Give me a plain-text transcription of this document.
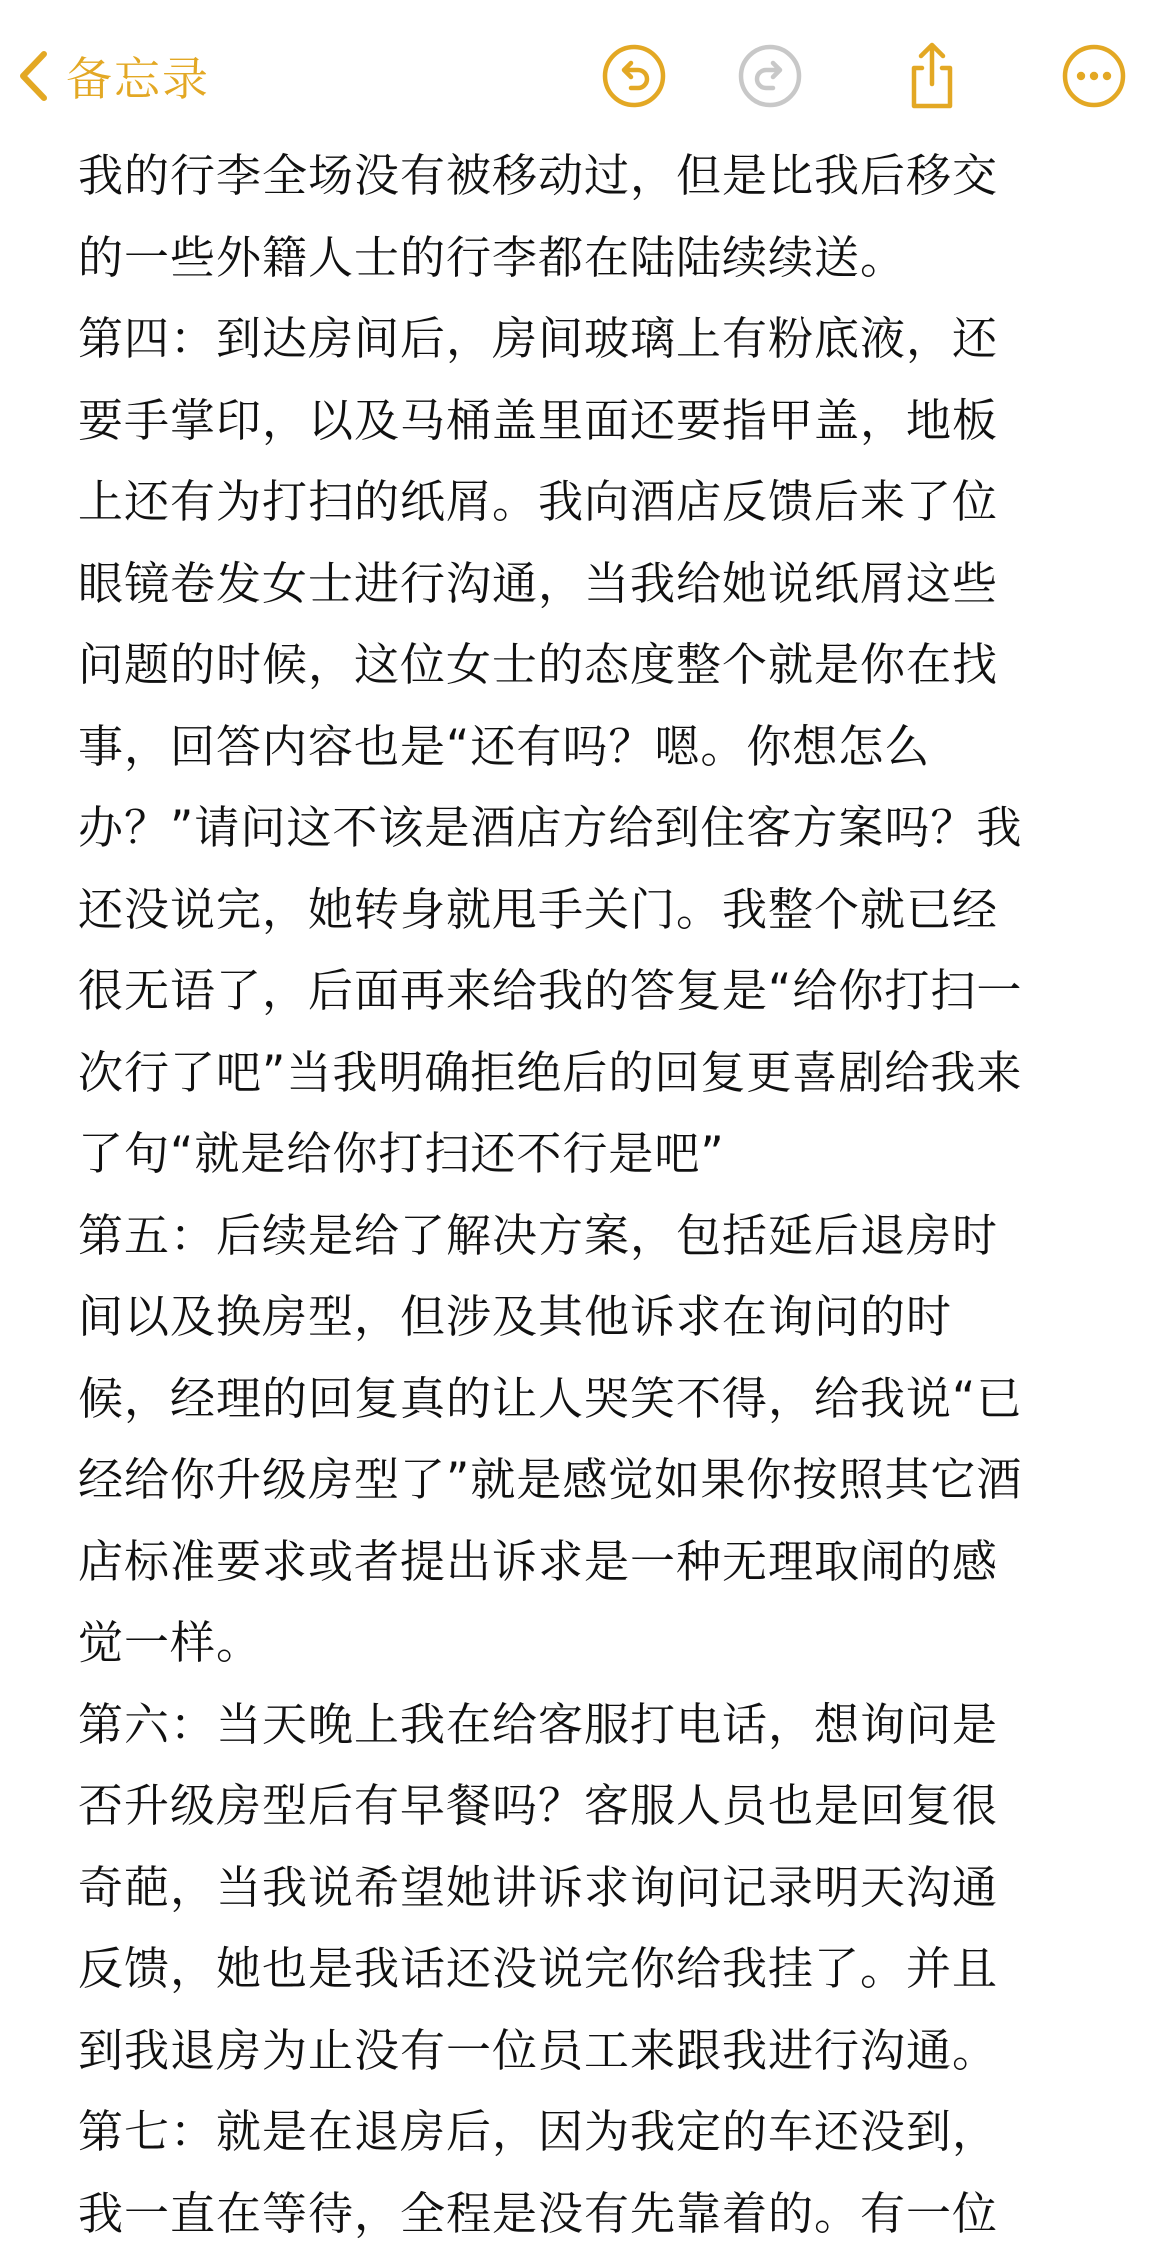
备忘录
我的行李全场没有被移动过，但是比我后移交
的一些外籍人士的行李都在陆陆续续送。
第四：到达房间后，房间玻璃上有粉底液，还
要手掌印，以及马桶盖里面还要指甲盖，地板
上还有为打扫的纸屑。我向酒店反馈后来了位
眼镜卷发女士进行沟通，当我给她说纸屑这些
问题的时候，这位女士的态度整个就是你在找
事，回答内容也是“还有吗？嗯。你想怎么
办？”请问这不该是酒店方给到住客方案吗？我
还没说完，她转身就甩手关门。我整个就已经
很无语了，后面再来给我的答复是“给你打扫一
次行了吧”当我明确拒绝后的回复更喜剧给我来
了句“就是给你打扫还不行是吧”
第五：后续是给了解决方案，包括延后退房时
间以及换房型，但涉及其他诉求在询问的时
候，经理的回复真的让人哭笑不得，给我说“已
经给你升级房型了”就是感觉如果你按照其它酒
店标准要求或者提出诉求是一种无理取闹的感
觉一样。
第六：当天晚上我在给客服打电话，想询问是
否升级房型后有早餐吗？客服人员也是回复很
奇葩，当我说希望她讲诉求询问记录明天沟通
反馈，她也是我话还没说完你给我挂了。并且
到我退房为止没有一位员工来跟我进行沟通。
第七：就是在退房后，因为我定的车还没到，
我一直在等待，全程是没有先靠着的。有一位
